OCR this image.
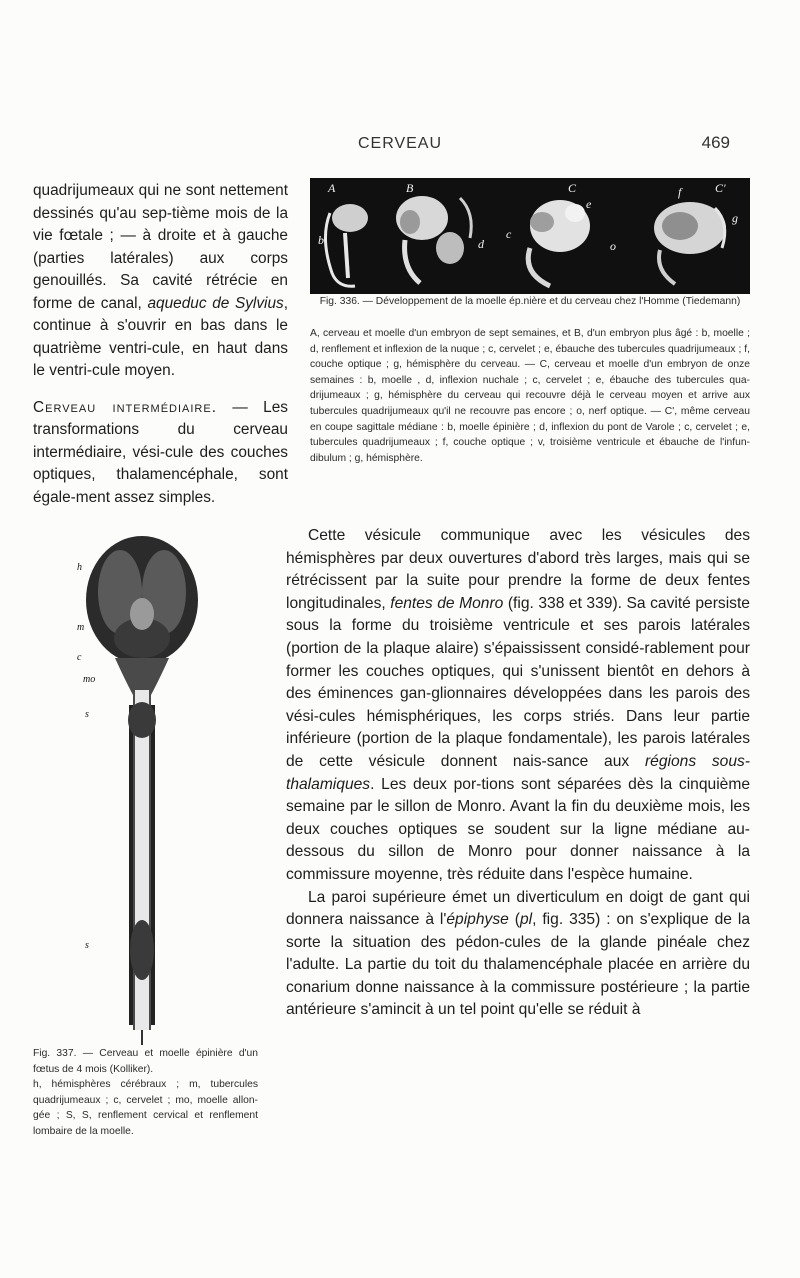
CERVEAU	469

quadrijumeaux qui ne sont nettement dessinés qu'au sep-tième mois de la vie fœtale ; — à droite et à gauche (parties latérales) aux corps genouillés. Sa cavité rétrécie en forme de canal, aqueduc de Sylvius, continue à s'ouvrir en bas dans le quatrième ventri-cule, en haut dans le ventri-cule moyen.

Cerveau intermédiaire. — Les transformations du cerveau intermédiaire, vési-cule des couches optiques, thalamencéphale, sont égale-ment assez simples.

A	B	C	C'
b	d
f
g
c
e
o
Fig. 336. — Développement de la moelle ép.nière et du cerveau chez l'Homme (Tiedemann)
A, cerveau et moelle d'un embryon de sept semaines, et B, d'un embryon plus âgé : b, moelle ; d, renflement et inflexion de la nuque ; c, cervelet ; e, ébauche des tubercules quadrijumeaux ; f, couche optique ; g, hémisphère du cerveau. — C, cerveau et moelle d'un embryon de onze semaines : b, moelle , d, inflexion nuchale ; c, cervelet ; e, ébauche des tubercules qua-drijumeaux ; g, hémisphère du cerveau qui recouvre déjà le cerveau moyen et arrive aux tubercules quadrijumeaux qu'il ne recouvre pas encore ; o, nerf optique. — C', même cerveau en coupe sagittale médiane : b, moelle épinière ; d, inflexion du pont de Varole ; c, cervelet ; e, tubercules quadrijumeaux ; f, couche optique ; v, troisième ventricule et ébauche de l'infun-dibulum ; g, hémisphère.
h
m
c
mo
s
s
Fig. 337. — Cerveau et moelle épinière d'un fœtus de 4 mois (Kolliker).
h, hémisphères cérébraux ; m, tubercules quadrijumeaux ; c, cervelet ; mo, moelle allon-gée ; S, S, renflement cervical et renflement lombaire de la moelle.

Cette vésicule communique avec les vésicules des hémisphères par deux ouvertures d'abord très larges, mais qui se rétrécissent par la suite pour prendre la forme de deux fentes longitudinales, fentes de Monro (fig. 338 et 339). Sa cavité persiste sous la forme du troisième ventricule et ses parois latérales (portion de la plaque alaire) s'épaississent considé-rablement pour former les couches optiques, qui s'unissent bientôt en dehors à des éminences gan-glionnaires développées dans les parois des vési-cules hémisphériques, les corps striés. Dans leur partie inférieure (portion de la plaque fondamentale), les parois latérales de cette vésicule donnent nais-sance aux régions sous-thalamiques. Les deux por-tions sont séparées dès la cinquième semaine par le sillon de Monro. Avant la fin du deuxième mois, les deux couches optiques se soudent sur la ligne médiane au-dessous du sillon de Monro pour donner naissance à la commissure moyenne, très réduite dans l'espèce humaine.

La paroi supérieure émet un diverticulum en doigt de gant qui donnera naissance à l'épiphyse (pl, fig. 335) : on s'explique de la sorte la situation des pédon-cules de la glande pinéale chez l'adulte. La partie du toit du thalamencéphale placée en arrière du conarium donne naissance à la commissure postérieure ; la partie antérieure s'amincit à un tel point qu'elle se réduit à
